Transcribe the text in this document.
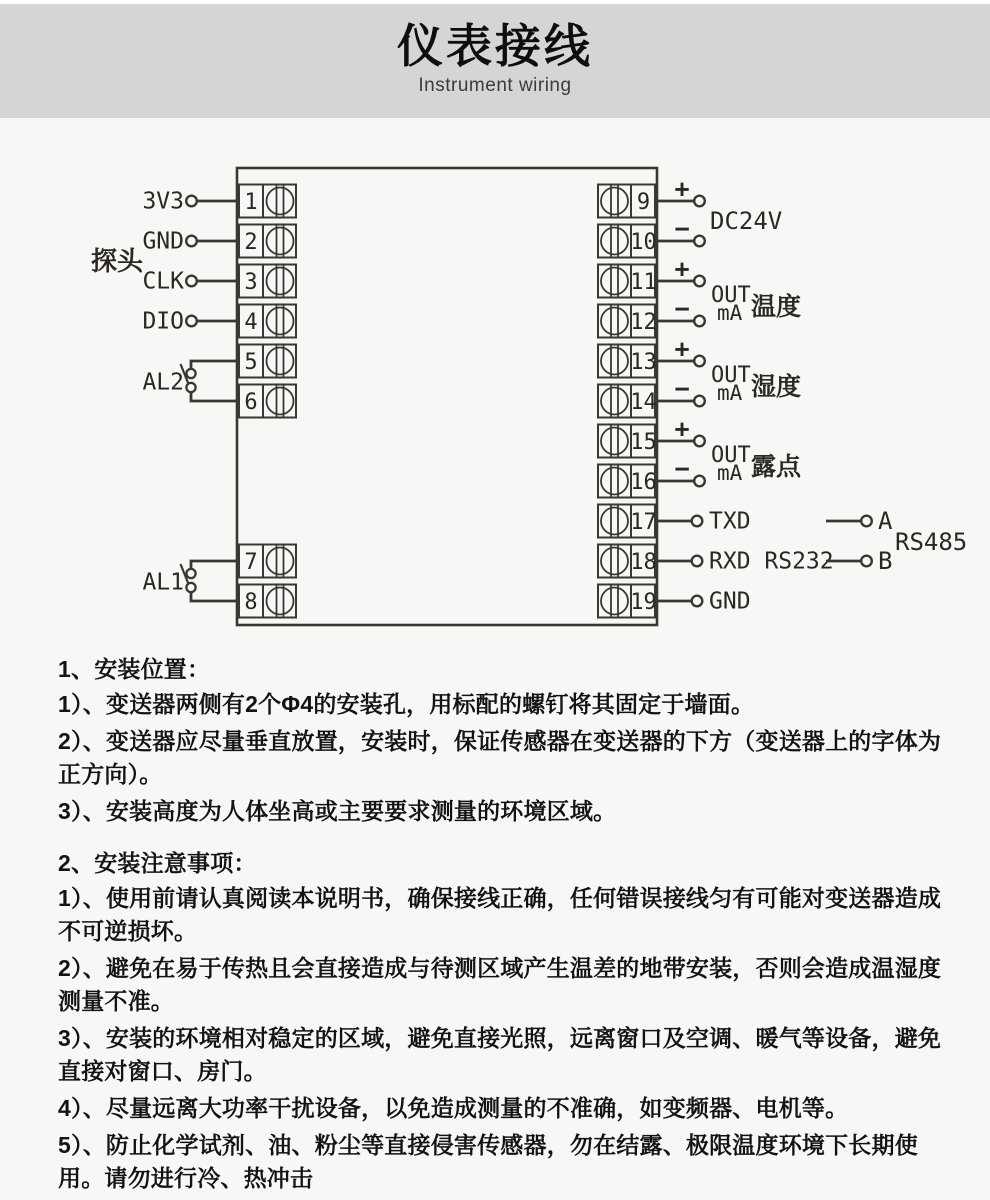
仪表接线
Instrument wiring
1
3V3
2
GND
3
CLK
4
DIO
5
6
7
8
探头
AL2
AL1
9 +
10 −
11 +
12 −
13 +
14 −
15 +
16 −
17 TXD
18 RXD RS232
19 GND
DC24V
OUT
mA 温度
OUT
mA 湿度
OUT
mA 露点
A
B
RS485

1、安装位置：

1）、变送器两侧有2个Φ4的安装孔，用标配的螺钉将其固定于墙面。

2）、变送器应尽量垂直放置，安装时，保证传感器在变送器的下方（变送器上的字体为正方向）。

3）、安装高度为人体坐高或主要要求测量的环境区域。

2、安装注意事项：

1）、使用前请认真阅读本说明书，确保接线正确，任何错误接线匀有可能对变送器造成不可逆损坏。

2）、避免在易于传热且会直接造成与待测区域产生温差的地带安装，否则会造成温湿度测量不准。

3）、安装的环境相对稳定的区域，避免直接光照，远离窗口及空调、暖气等设备，避免直接对窗口、房门。

4）、尽量远离大功率干扰设备，以免造成测量的不准确，如变频器、电机等。

5）、防止化学试剂、油、粉尘等直接侵害传感器，勿在结露、极限温度环境下长期使用。请勿进行冷、热冲击
